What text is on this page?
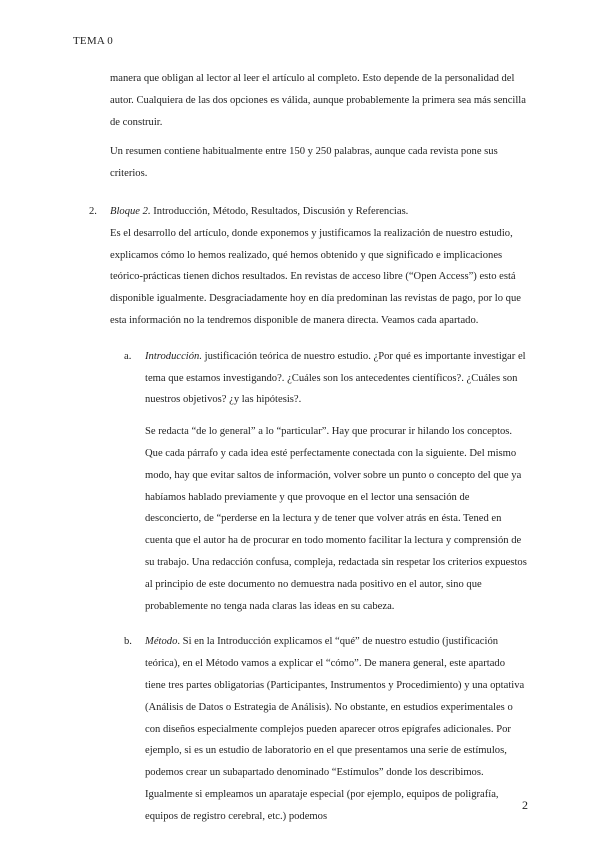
TEMA 0

manera que obligan al lector al leer el artículo al completo. Esto depende de la personalidad del autor. Cualquiera de las dos opciones es válida, aunque probablemente la primera sea más sencilla de construir.

Un resumen contiene habitualmente entre 150 y 250 palabras, aunque cada revista pone sus criterios.

2. Bloque 2. Introducción, Método, Resultados, Discusión y Referencias.

Es el desarrollo del artículo, donde exponemos y justificamos la realización de nuestro estudio, explicamos cómo lo hemos realizado, qué hemos obtenido y que significado e implicaciones teórico-prácticas tienen dichos resultados. En revistas de acceso libre (“Open Access”) esto está disponible igualmente. Desgraciadamente hoy en día predominan las revistas de pago, por lo que esta información no la tendremos disponible de manera directa. Veamos cada apartado.

a. Introducción. justificación teórica de nuestro estudio. ¿Por qué es importante investigar el tema que estamos investigando?. ¿Cuáles son los antecedentes científicos?. ¿Cuáles son nuestros objetivos? ¿y las hipótesis?.

Se redacta “de lo general” a lo “particular”. Hay que procurar ir hilando los conceptos. Que cada párrafo y cada idea esté perfectamente conectada con la siguiente. Del mismo modo, hay que evitar saltos de información, volver sobre un punto o concepto del que ya habíamos hablado previamente y que provoque en el lector una sensación de desconcierto, de “perderse en la lectura y de tener que volver atrás en ésta. Tened en cuenta que el autor ha de procurar en todo momento facilitar la lectura y comprensión de su trabajo. Una redacción confusa, compleja, redactada sin respetar los criterios expuestos al principio de este documento no demuestra nada positivo en el autor, sino que probablemente no tenga nada claras las ideas en su cabeza.

b. Método. Si en la Introducción explicamos el “qué” de nuestro estudio (justificación teórica), en el Método vamos a explicar el “cómo”. De manera general, este apartado tiene tres partes obligatorias (Participantes, Instrumentos y Procedimiento) y una optativa (Análisis de Datos o Estrategia de Análisis). No obstante, en estudios experimentales o con diseños especialmente complejos pueden aparecer otros epígrafes adicionales. Por ejemplo, si es un estudio de laboratorio en el que presentamos una serie de estímulos, podemos crear un subapartado denominado “Estímulos” donde los describimos. Igualmente si empleamos un aparataje especial (por ejemplo, equipos de poligrafía, equipos de registro cerebral, etc.) podemos

2
